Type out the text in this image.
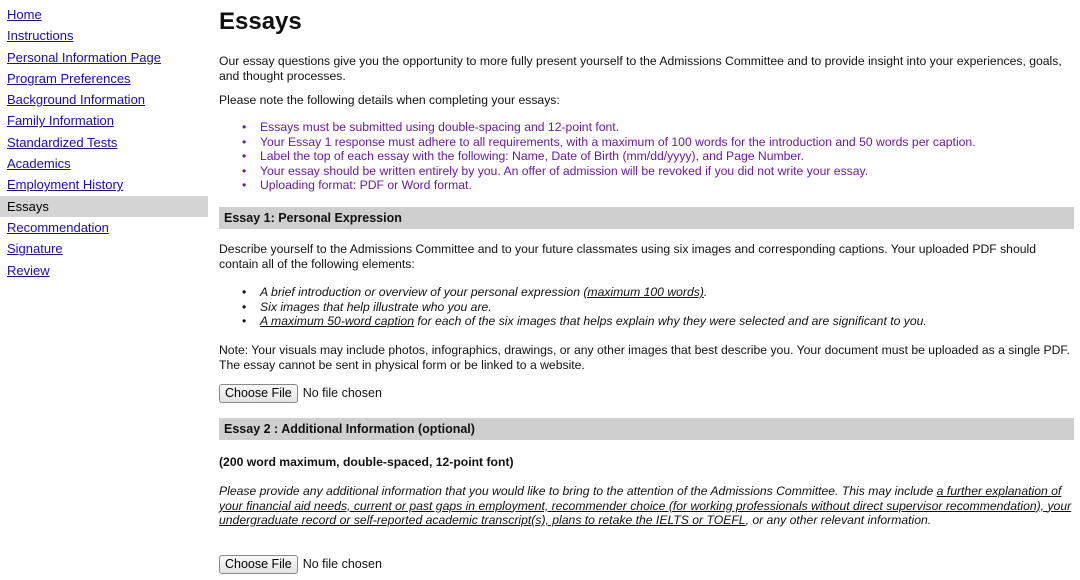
Home
Instructions
Personal Information Page
Program Preferences
Background Information
Family Information
Standardized Tests
Academics
Employment History
Essays
Recommendation
Signature
Review
Essays

Our essay questions give you the opportunity to more fully present yourself to the Admissions Committee and to provide insight into your experiences, goals, and thought processes.

Please note the following details when completing your essays:

• Essays must be submitted using double-spacing and 12-point font.
• Your Essay 1 response must adhere to all requirements, with a maximum of 100 words for the introduction and 50 words per caption.
• Label the top of each essay with the following: Name, Date of Birth (mm/dd/yyyy), and Page Number.
• Your essay should be written entirely by you. An offer of admission will be revoked if you did not write your essay.
• Uploading format: PDF or Word format.
Essay 1: Personal Expression

Describe yourself to the Admissions Committee and to your future classmates using six images and corresponding captions. Your uploaded PDF should contain all of the following elements:

• A brief introduction or overview of your personal expression (maximum 100 words).
• Six images that help illustrate who you are.
• A maximum 50-word caption for each of the six images that helps explain why they were selected and are significant to you.

Note: Your visuals may include photos, infographics, drawings, or any other images that best describe you. Your document must be uploaded as a single PDF. The essay cannot be sent in physical form or be linked to a website.

Choose File No file chosen
Essay 2 : Additional Information (optional)

(200 word maximum, double-spaced, 12-point font)

Please provide any additional information that you would like to bring to the attention of the Admissions Committee. This may include a further explanation of your financial aid needs, current or past gaps in employment, recommender choice (for working professionals without direct supervisor recommendation), your undergraduate record or self-reported academic transcript(s), plans to retake the IELTS or TOEFL, or any other relevant information.

Choose File No file chosen
